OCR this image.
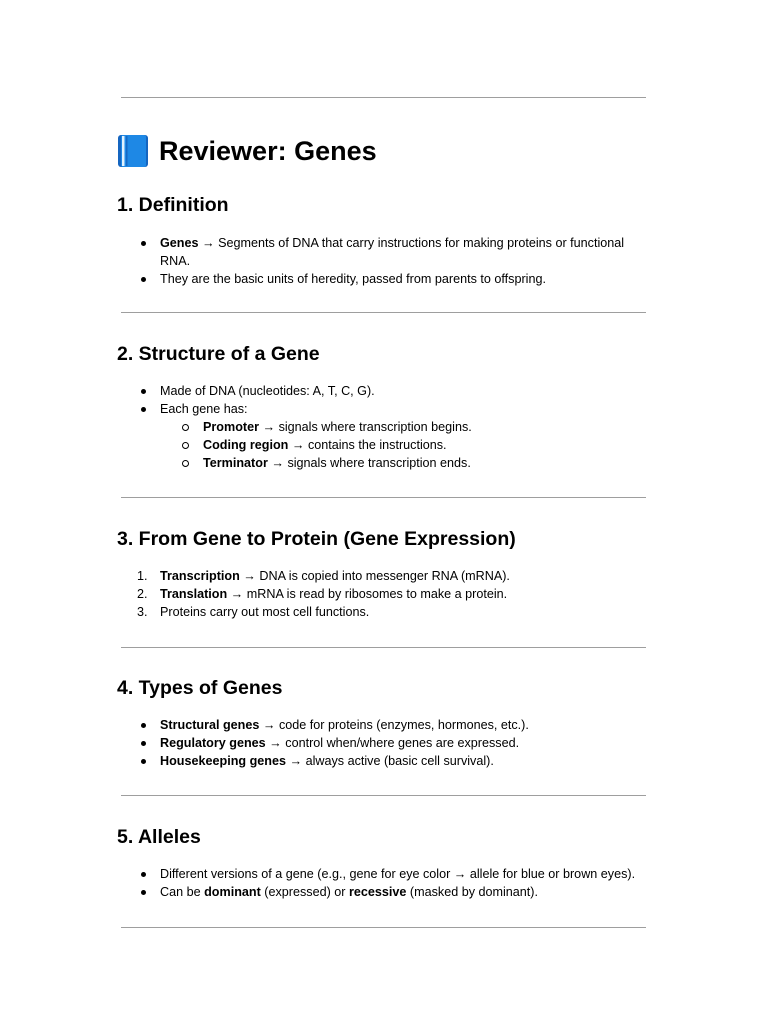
Reviewer: Genes
1. Definition
Genes → Segments of DNA that carry instructions for making proteins or functional RNA.
They are the basic units of heredity, passed from parents to offspring.
2. Structure of a Gene
Made of DNA (nucleotides: A, T, C, G).
Each gene has:
Promoter → signals where transcription begins.
Coding region → contains the instructions.
Terminator → signals where transcription ends.
3. From Gene to Protein (Gene Expression)
1. Transcription → DNA is copied into messenger RNA (mRNA).
2. Translation → mRNA is read by ribosomes to make a protein.
3. Proteins carry out most cell functions.
4. Types of Genes
Structural genes → code for proteins (enzymes, hormones, etc.).
Regulatory genes → control when/where genes are expressed.
Housekeeping genes → always active (basic cell survival).
5. Alleles
Different versions of a gene (e.g., gene for eye color → allele for blue or brown eyes).
Can be dominant (expressed) or recessive (masked by dominant).
